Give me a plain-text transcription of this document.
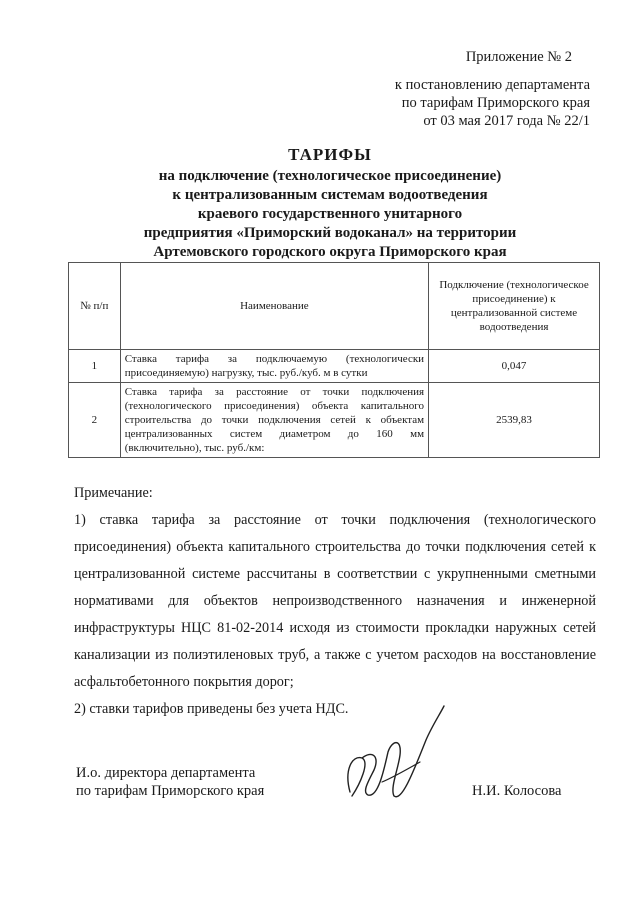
Приложение № 2
к постановлению департамента
по тарифам Приморского края
от 03 мая 2017 года № 22/1
ТАРИФЫ
на подключение (технологическое присоединение)
к централизованным системам водоотведения
краевого государственного унитарного
предприятия «Приморский водоканал» на территории
Артемовского городского округа Приморского края
№ п/п	Наименование	Подключение (технологическое присоединение) к централизованной системе водоотведения
1	Ставка тарифа за подключаемую (технологически присоединяемую) нагрузку, тыс. руб./куб. м в сутки	0,047
2	Ставка тарифа за расстояние от точки подключения (технологического присоединения) объекта капитального строительства до точки подключения сетей к объектам централизованных систем диаметром до 160 мм (включительно), тыс. руб./км:	2539,83

Примечание:

1) ставка тарифа за расстояние от точки подключения (технологического присоединения) объекта капитального строительства до точки подключения сетей к централизованной системе рассчитаны в соответствии с укрупненными сметными нормативами для объектов непроизводственного назначения и инженерной инфраструктуры НЦС 81-02-2014 исходя из стоимости прокладки наружных сетей канализации из полиэтиленовых труб, а также с учетом расходов на восстановление асфальтобетонного покрытия дорог;

2) ставки тарифов приведены без учета НДС.

И.о. директора департамента
по тарифам Приморского края	Н.И. Колосова
